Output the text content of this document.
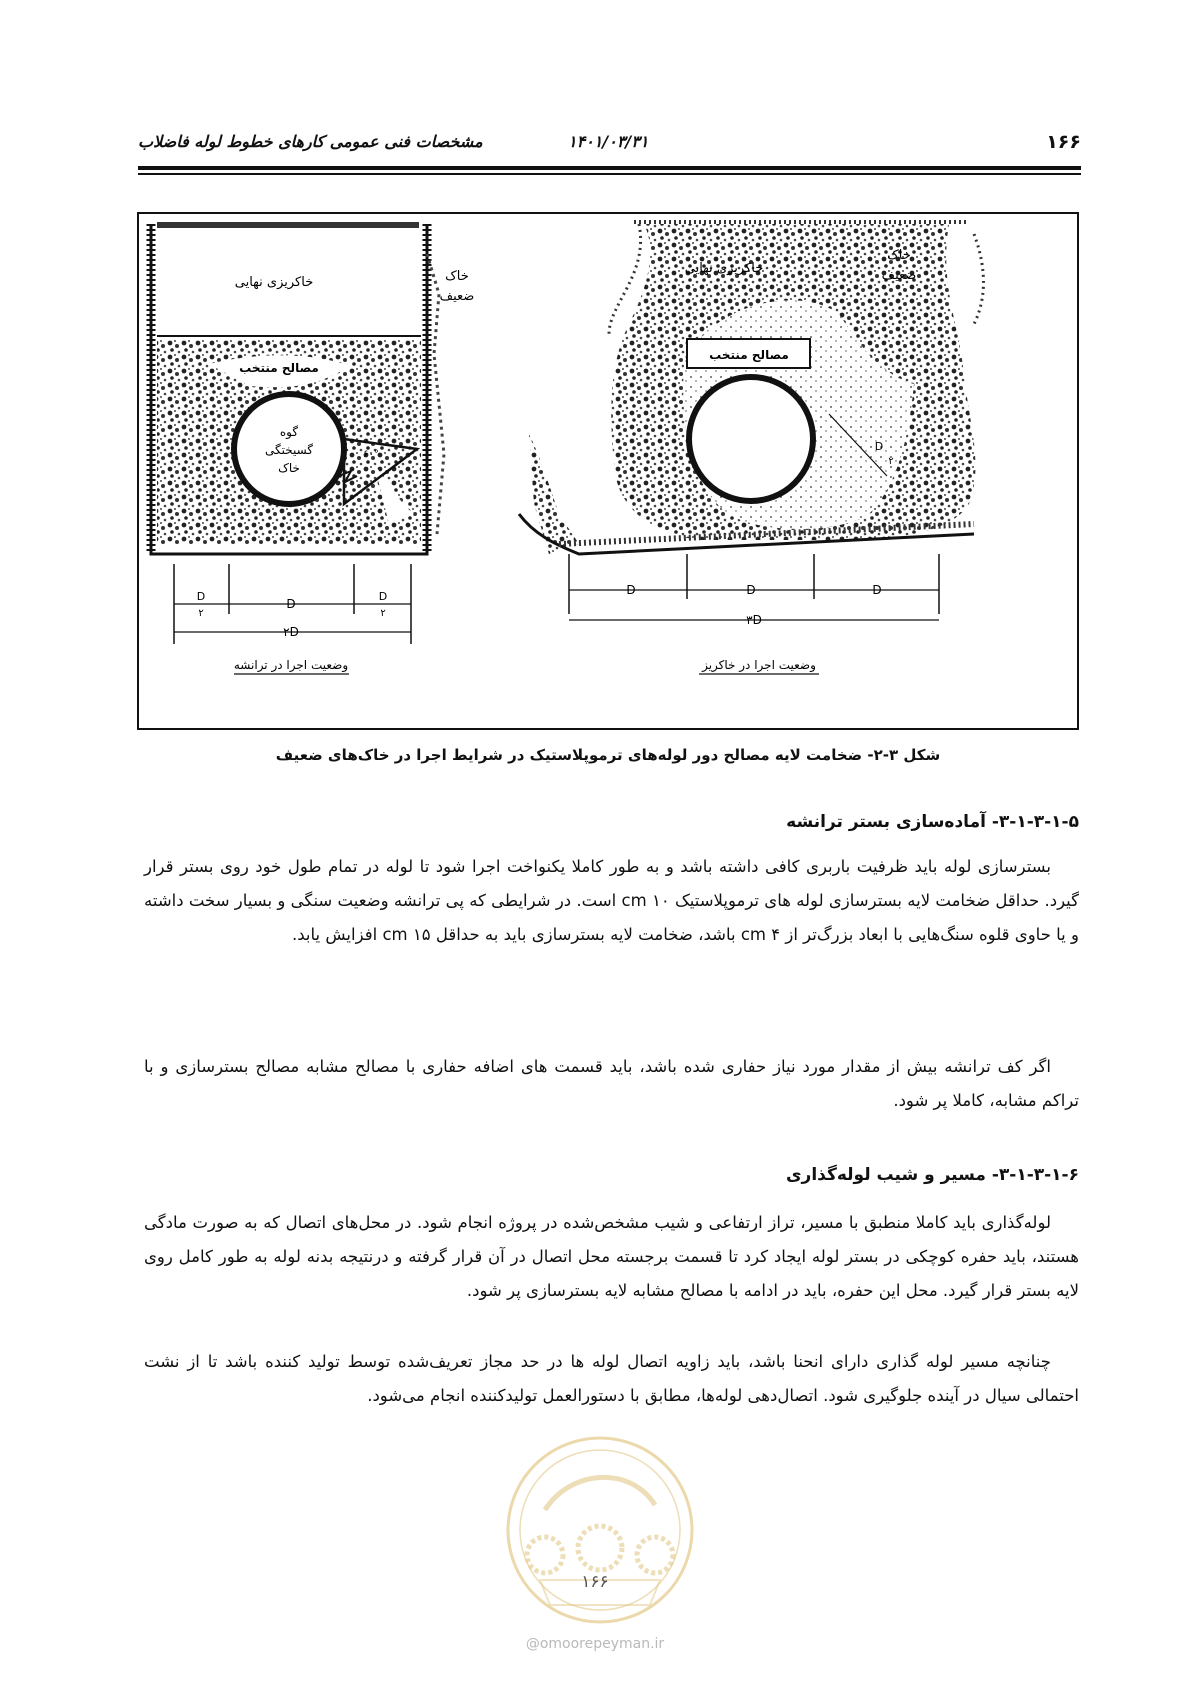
۱۶۶
۱۴۰۱/۰۳/۳۱
مشخصات فنی عمومی کارهای خطوط لوله فاضلاب
خاکریزی نهایی	خاک
ضعیف
مصالح منتخب
گوه
گسیختگی
خاک
۶۰°
D
۲
D
D
۲
۲D
وضعیت اجرا در ترانشه
خاکریزی نهایی
خاک
ضعیف
مصالح منتخب
D
۲
D	D	D
۳D
وضعیت اجرا در خاکریز
شکل ۳-۲- ضخامت لایه مصالح دور لوله‌های ترموپلاستیک در شرایط اجرا در خاک‌های ضعیف
۳-۱-۳-۱-۵- آماده‌سازی بستر ترانشه
بسترسازی لوله باید ظرفیت باربری کافی داشته باشد و به طور کاملا یکنواخت اجرا شود تا لوله در تمام طول خود روی بستر قرار گیرد. حداقل ضخامت لایه بسترسازی لوله های ترموپلاستیک ۱۰ cm است. در شرایطی که پی ترانشه وضعیت سنگی و بسیار سخت داشته و یا حاوی قلوه سنگ‌هایی با ابعاد بزرگ‌تر از ۴ cm باشد، ضخامت لایه بسترسازی باید به حداقل ۱۵ cm افزایش یابد.
اگر کف ترانشه بیش از مقدار مورد نیاز حفاری شده باشد، باید قسمت های اضافه حفاری با مصالح مشابه مصالح بسترسازی و با تراکم مشابه، کاملا پر شود.
۳-۱-۳-۱-۶- مسیر و شیب لوله‌گذاری
لوله‌گذاری باید کاملا منطبق با مسیر، تراز ارتفاعی و شیب مشخص‌شده در پروژه انجام شود. در محل‌های اتصال که به صورت مادگی هستند، باید حفره کوچکی در بستر لوله ایجاد کرد تا قسمت برجسته محل اتصال در آن قرار گرفته و درنتیجه بدنه لوله به طور کامل روی لایه بستر قرار گیرد. محل این حفره، باید در ادامه با مصالح مشابه لایه بسترسازی پر شود.
چنانچه مسیر لوله گذاری دارای انحنا باشد، باید زاویه اتصال لوله ها در حد مجاز تعریف‌شده توسط تولید کننده باشد تا از نشت احتمالی سیال در آینده جلوگیری شود. اتصال‌دهی لوله‌ها، مطابق با دستورالعمل تولیدکننده انجام می‌شود.
۱۶۶
@omoorepeyman.ir
